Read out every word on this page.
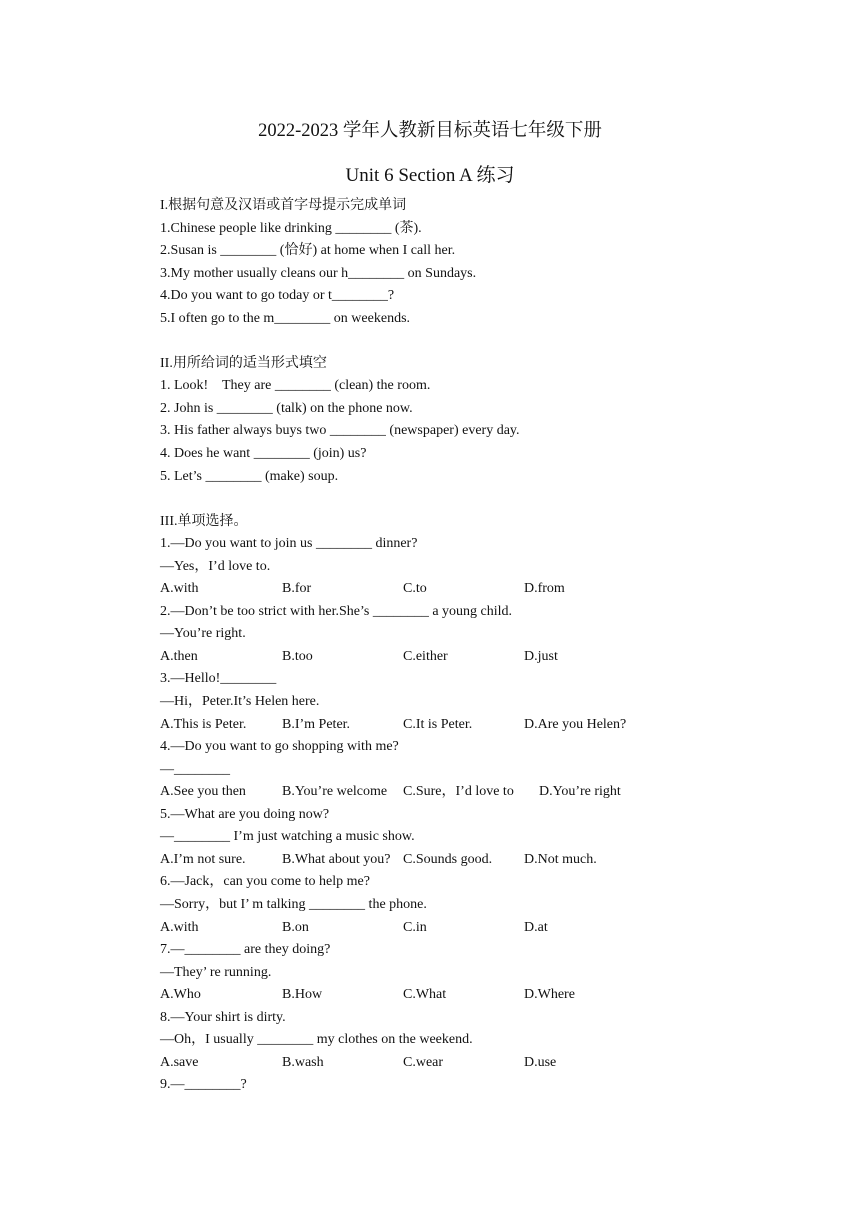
2022-2023 学年人教新目标英语七年级下册
Unit 6 Section A 练习
I.根据句意及汉语或首字母提示完成单词
1.Chinese people like drinking ________ (茶).
2.Susan is ________ (恰好) at home when I call her.
3.My mother usually cleans our h________ on Sundays.
4.Do you want to go today or t________?
5.I often go to the m________ on weekends.
II.用所给词的适当形式填空
1. Look!    They are ________ (clean) the room.
2. John is ________ (talk) on the phone now.
3. His father always buys two ________ (newspaper) every day.
4. Does he want ________ (join) us?
5. Let’s ________ (make) soup.
III.单项选择。
1.—Do you want to join us ________ dinner?
—Yes，I’d love to.
A.with	B.for	C.to	D.from
2.—Don’t be too strict with her.She’s ________ a young child.
—You’re right.
A.then	B.too	C.either	D.just
3.—Hello!________
—Hi，Peter.It’s Helen here.
A.This is Peter.	B.I’m Peter.	C.It is Peter.	D.Are you Helen?
4.—Do you want to go shopping with me?
—________
A.See you then	B.You’re welcome C.Sure，I’d love to D.You’re right
5.—What are you doing now?
—________ I’m just watching a music show.
A.I’m not sure.	B.What about you? C.Sounds good. D.Not much.
6.—Jack，can you come to help me?
—Sorry，but I’ m talking ________ the phone.
A.with	B.on	C.in	D.at
7.—________ are they doing?
—They’ re running.
A.Who	B.How	C.What	D.Where
8.—Your shirt is dirty.
—Oh，I usually ________ my clothes on the weekend.
A.save	B.wash	C.wear	D.use
9.—________?
